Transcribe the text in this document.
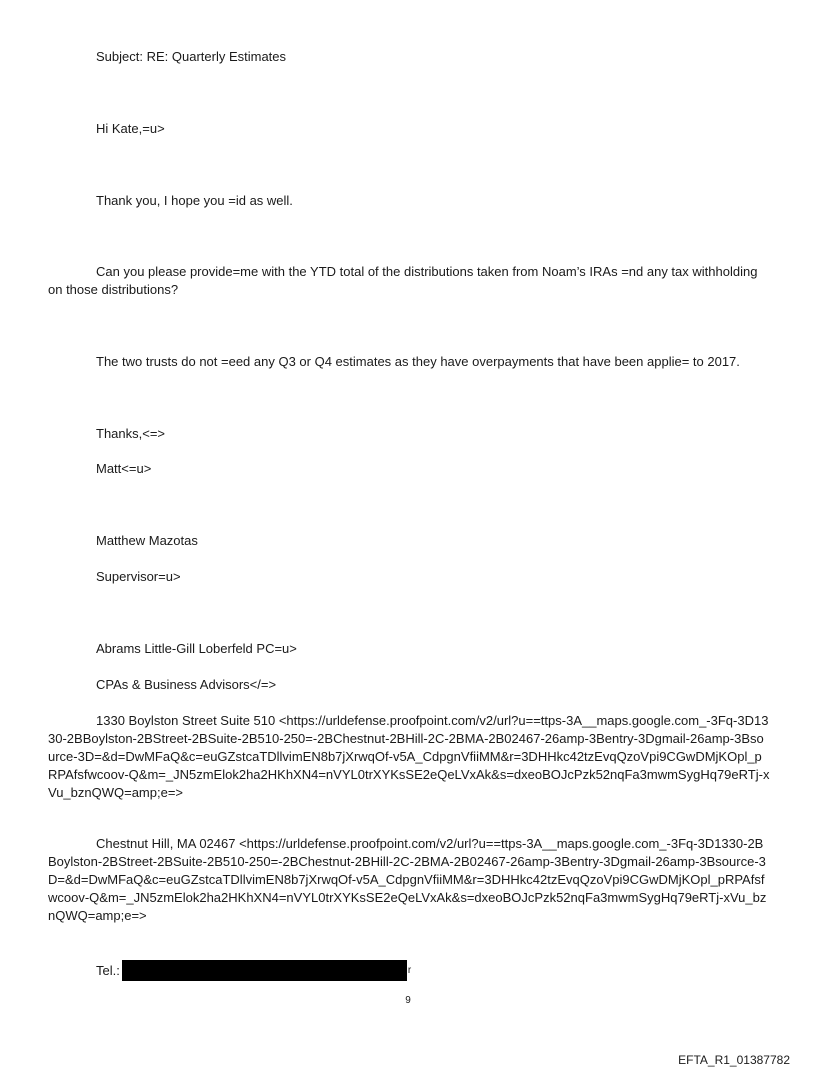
Subject: RE: Quarterly Estimates
Hi Kate,=u>
Thank you, I hope you =id as well.
Can you please provide=me with the YTD total of the distributions taken from Noam’s IRAs =nd any tax withholding on those distributions?
The two trusts do not =eed any Q3 or Q4 estimates as they have overpayments that have been applie= to 2017.
Thanks,<=>
Matt<=u>
Matthew Mazotas
Supervisor=u>
Abrams Little-Gill Loberfeld PC=u>
CPAs & Business Advisors</=>
1330 Boylston Street Suite 510 <https://urldefense.proofpoint.com/v2/url?u==ttps-3A__maps.google.com_-3Fq-3D1330-2BBoylston-2BStreet-2BSuite-2B510-250=-2BChestnut-2BHill-2C-2BMA-2B02467-26amp-3Bentry-3Dgmail-26amp-3Bsource-3D=&d=DwMFaQ&c=euGZstcaTDllvimEN8b7jXrwqOf-v5A_CdpgnVfiiMM&r=3DHHkc42tzEvqQzoVpi9CGwDMjKOpl_pRPAfsfwcoov-Q&m=_JN5zmElok2ha2HKhXN4=nVYL0trXYKsSE2eQeLVxAk&s=dxeoBOJcPzk52nqFa3mwmSygHq79eRTj-xVu_bznQWQ=amp;e=>
Chestnut Hill, MA 02467 <https://urldefense.proofpoint.com/v2/url?u==ttps-3A__maps.google.com_-3Fq-3D1330-2BBoylston-2BStreet-2BSuite-2B510-250=-2BChestnut-2BHill-2C-2BMA-2B02467-26amp-3Bentry-3Dgmail-26amp-3Bsource-3D=&d=DwMFaQ&c=euGZstcaTDllvimEN8b7jXrwqOf-v5A_CdpgnVfiiMM&r=3DHHkc42tzEvqQzoVpi9CGwDMjKOpl_pRPAfsfwcoov-Q&m=_JN5zmElok2ha2HKhXN4=nVYL0trXYKsSE2eQeLVxAk&s=dxeoBOJcPzk52nqFa3mwmSygHq79eRTj-xVu_bznQWQ=amp;e=>
Tel.:	r
9
EFTA_R1_01387782
